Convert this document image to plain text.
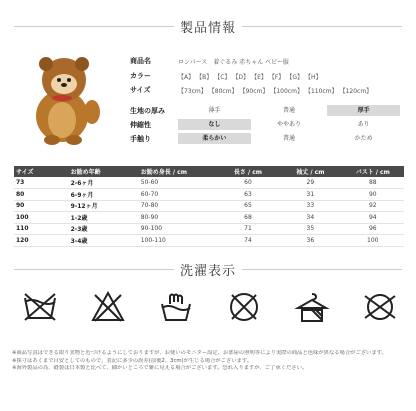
製品情報
商品名	ロンパース　着ぐるみ 赤ちゃん ベビー服
カラー	【A】 【B】 【C】 【D】 【E】 【F】 【G】 【H】
サイズ	【73cm】 【80cm】 【90cm】 【100cm】 【110cm】 【120cm】
生地の厚み	薄手	普通	厚手
伸縮性	なし	ややあり	あり
手触り	柔らかい	普通	かため
サイズ	お勧め年齢	お勧め身長 / cm	長さ / cm	袖丈 / cm	バスト / cm
73	2-6ヶ月	50-60	60	29	88
80	6-9ヶ月	60-70	63	31	90
90	9-12ヶ月	70-80	65	33	92
100	1-2歳	80-90	68	34	94
110	2-3歳	90-100	71	35	96
120	3-4歳	100-110	74	36	100
洗濯表示
※商品写真はできる限り実物と近づけるようにしておりますが、お使いのモニター設定、お部屋の照明等により実際の商品と色味が異なる場合がございます。
※採寸はあくまで目安としてのもので、表記に多少の誤差(前後2、3cm)が生じる場合がございます。
※海外製品の為、縫製は日本製と比べて、細かいところで雑に見える場合がございます。恐れ入りますが、ご了承ください。
